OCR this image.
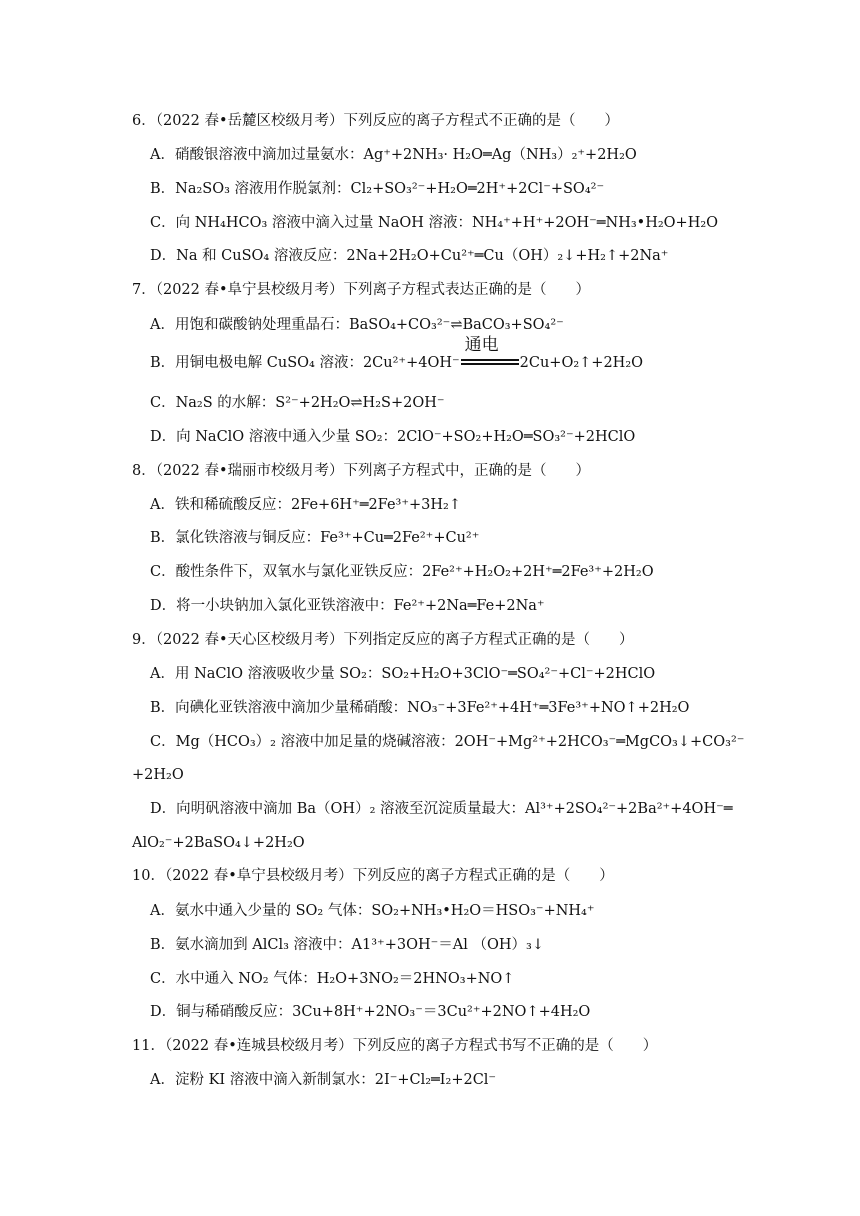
6．（2022 春•岳麓区校级月考）下列反应的离子方程式不正确的是（　　）
A．硝酸银溶液中滴加过量氨水：Ag⁺+2NH₃· H₂O═Ag（NH₃）₂⁺+2H₂O
B．Na₂SO₃ 溶液用作脱氯剂：Cl₂+SO₃²⁻+H₂O═2H⁺+2Cl⁻+SO₄²⁻
C．向 NH₄HCO₃ 溶液中滴入过量 NaOH 溶液：NH₄⁺+H⁺+2OH⁻═NH₃•H₂O+H₂O
D．Na 和 CuSO₄ 溶液反应：2Na+2H₂O+Cu²⁺═Cu（OH）₂↓+H₂↑+2Na⁺
7．（2022 春•阜宁县校级月考）下列离子方程式表达正确的是（　　）
A．用饱和碳酸钠处理重晶石：BaSO₄+CO₃²⁻⇌BaCO₃+SO₄²⁻
B．用铜电极电解 CuSO₄ 溶液：2Cu²⁺+4OH⁻
通电
2Cu+O₂↑+2H₂O
C．Na₂S 的水解：S²⁻+2H₂O⇌H₂S+2OH⁻
D．向 NaClO 溶液中通入少量 SO₂：2ClO⁻+SO₂+H₂O═SO₃²⁻+2HClO
8．（2022 春•瑞丽市校级月考）下列离子方程式中，正确的是（　　）
A．铁和稀硫酸反应：2Fe+6H⁺═2Fe³⁺+3H₂↑
B．氯化铁溶液与铜反应：Fe³⁺+Cu═2Fe²⁺+Cu²⁺
C．酸性条件下，双氧水与氯化亚铁反应：2Fe²⁺+H₂O₂+2H⁺═2Fe³⁺+2H₂O
D．将一小块钠加入氯化亚铁溶液中：Fe²⁺+2Na═Fe+2Na⁺
9．（2022 春•天心区校级月考）下列指定反应的离子方程式正确的是（　　）
A．用 NaClO 溶液吸收少量 SO₂：SO₂+H₂O+3ClO⁻═SO₄²⁻+Cl⁻+2HClO
B．向碘化亚铁溶液中滴加少量稀硝酸：NO₃⁻+3Fe²⁺+4H⁺═3Fe³⁺+NO↑+2H₂O
C．Mg（HCO₃）₂ 溶液中加足量的烧碱溶液：2OH⁻+Mg²⁺+2HCO₃⁻═MgCO₃↓+CO₃²⁻
+2H₂O
D．向明矾溶液中滴加 Ba（OH）₂ 溶液至沉淀质量最大：Al³⁺+2SO₄²⁻+2Ba²⁺+4OH⁻═
AlO₂⁻+2BaSO₄↓+2H₂O
10．（2022 春•阜宁县校级月考）下列反应的离子方程式正确的是（　　）
A．氨水中通入少量的 SO₂ 气体：SO₂+NH₃•H₂O＝HSO₃⁻+NH₄⁺
B．氨水滴加到 AlCl₃ 溶液中：A1³⁺+3OH⁻＝Al （OH）₃↓
C．水中通入 NO₂ 气体：H₂O+3NO₂＝2HNO₃+NO↑
D．铜与稀硝酸反应：3Cu+8H⁺+2NO₃⁻＝3Cu²⁺+2NO↑+4H₂O
11．（2022 春•连城县校级月考）下列反应的离子方程式书写不正确的是（　　）
A．淀粉 KI 溶液中滴入新制氯水：2I⁻+Cl₂═I₂+2Cl⁻
